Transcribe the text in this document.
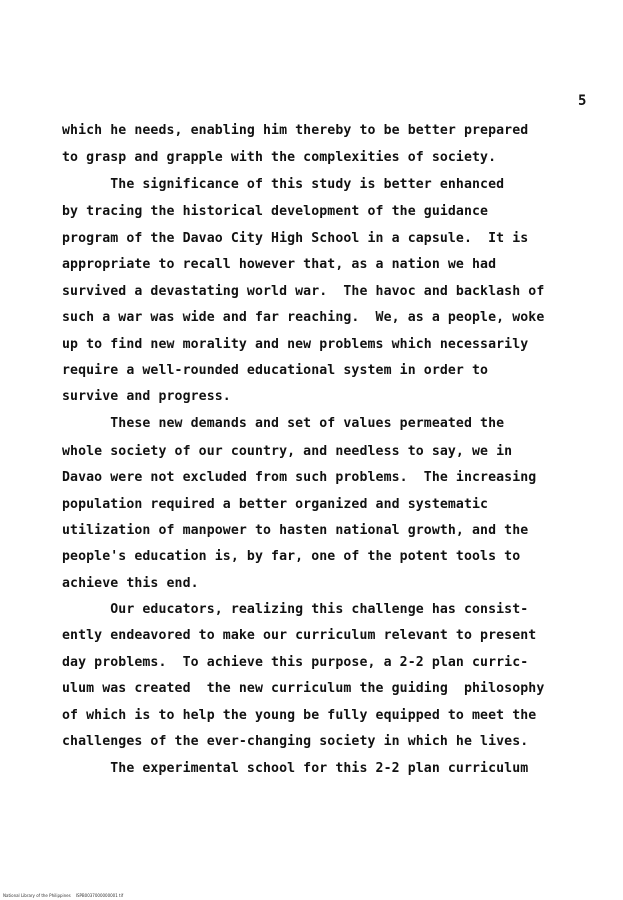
5
which he needs, enabling him thereby to be better prepared
to grasp and grapple with the complexities of society.
The significance of this study is better enhanced
by tracing the historical development of the guidance
program of the Davao City High School in a capsule.  It is
appropriate to recall however that, as a nation we had
survived a devastating world war.  The havoc and backlash of
such a war was wide and far reaching.  We, as a people, woke
up to find new morality and new problems which necessarily
require a well-rounded educational system in order to
survive and progress.
These new demands and set of values permeated the
whole society of our country, and needless to say, we in
Davao were not excluded from such problems.  The increasing
population required a better organized and systematic
utilization of manpower to hasten national growth, and the
people's education is, by far, one of the potent tools to
achieve this end.
Our educators, realizing this challenge has consist-
ently endeavored to make our curriculum relevant to present
day problems.  To achieve this purpose, a 2-2 plan curric-
ulum was created  the new curriculum the guiding  philosophy
of which is to help the young be fully equipped to meet the
challenges of the ever-changing society in which he lives.
The experimental school for this 2-2 plan curriculum
National Library of the Philippines    ISPB0037000000001 tif
